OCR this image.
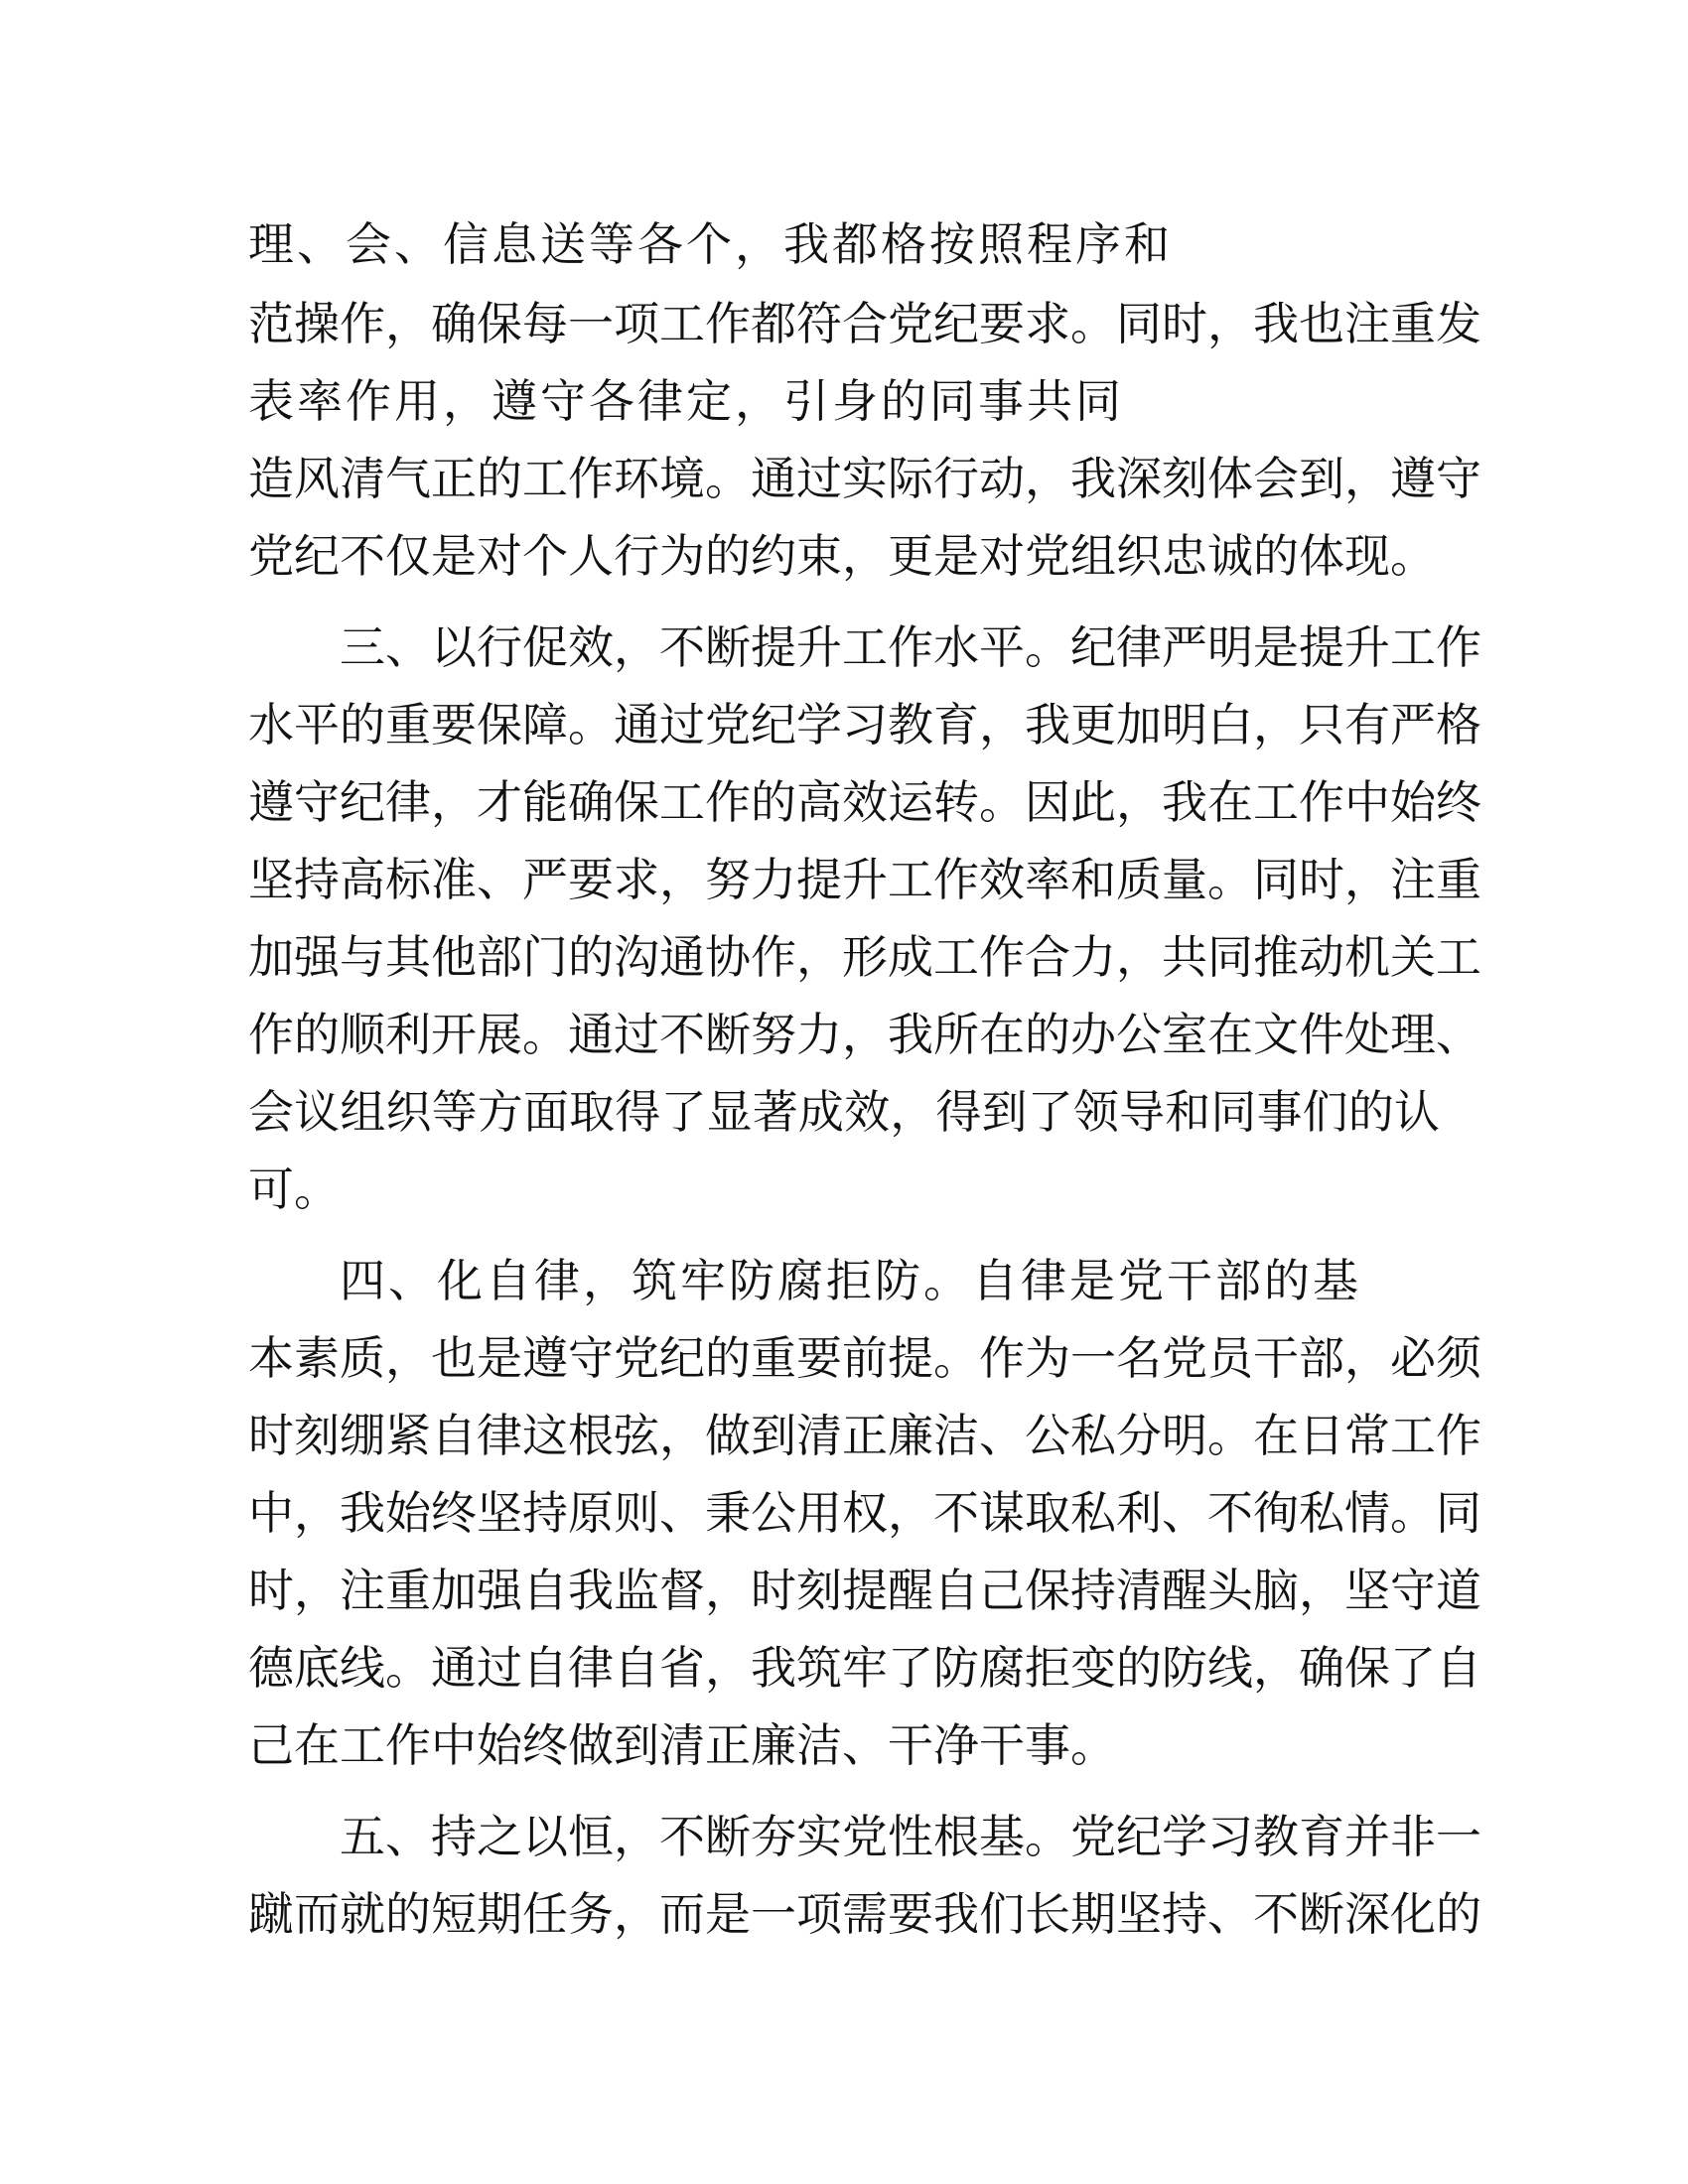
理、会、信息送等各个，我都格按照程序和
范操作，确保每一项工作都符合党纪要求。同时，我也注重发
表率作用，遵守各律定，引身的同事共同
造风清气正的工作环境。通过实际行动，我深刻体会到，遵守
党纪不仅是对个人行为的约束，更是对党组织忠诚的体现。
三、以行促效，不断提升工作水平。纪律严明是提升工作
水平的重要保障。通过党纪学习教育，我更加明白，只有严格
遵守纪律，才能确保工作的高效运转。因此，我在工作中始终
坚持高标准、严要求，努力提升工作效率和质量。同时，注重
加强与其他部门的沟通协作，形成工作合力，共同推动机关工
作的顺利开展。通过不断努力，我所在的办公室在文件处理、
会议组织等方面取得了显著成效，得到了领导和同事们的认
可。
四、化自律，筑牢防腐拒防。自律是党干部的基
本素质，也是遵守党纪的重要前提。作为一名党员干部，必须
时刻绷紧自律这根弦，做到清正廉洁、公私分明。在日常工作
中，我始终坚持原则、秉公用权，不谋取私利、不徇私情。同
时，注重加强自我监督，时刻提醒自己保持清醒头脑，坚守道
德底线。通过自律自省，我筑牢了防腐拒变的防线，确保了自
己在工作中始终做到清正廉洁、干净干事。
五、持之以恒，不断夯实党性根基。党纪学习教育并非一
蹴而就的短期任务，而是一项需要我们长期坚持、不断深化的
